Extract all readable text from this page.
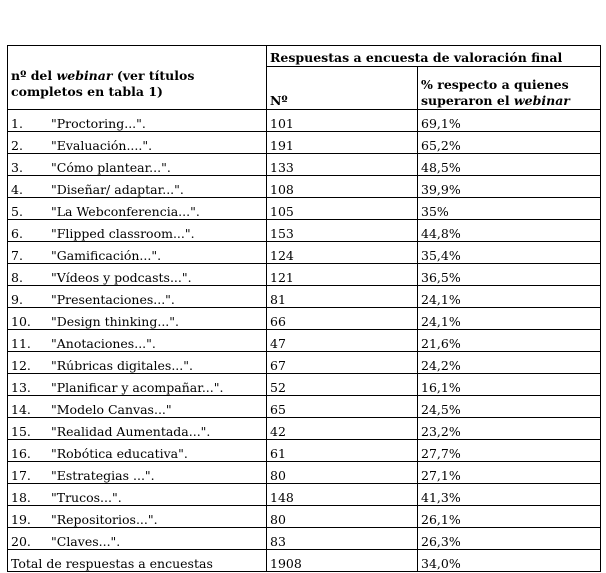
nº del webinar (ver títulos completos en tabla 1)	Respuestas a encuesta de valoración final	
	Nº	% respecto a quienes superaron el webinar
1. "Proctoring...".	101	69,1%
2. "Evaluación....".	191	65,2%
3. "Cómo plantear...".	133	48,5%
4. "Diseñar/ adaptar...".	108	39,9%
5. "La Webconferencia...".	105	35%
6. "Flipped classroom...".	153	44,8%
7. "Gamificación...".	124	35,4%
8. "Vídeos y podcasts...".	121	36,5%
9. "Presentaciones...".	81	24,1%
10. "Design thinking...".	66	24,1%
11. "Anotaciones...".	47	21,6%
12. "Rúbricas digitales...".	67	24,2%
13. "Planificar y acompañar...".	52	16,1%
14. "Modelo Canvas..."	65	24,5%
15. "Realidad Aumentada...".	42	23,2%
16. "Robótica educativa".	61	27,7%
17. "Estrategias ...".	80	27,1%
18. "Trucos...".	148	41,3%
19. "Repositorios...".	80	26,1%
20. "Claves...".	83	26,3%
Total de respuestas a encuestas	1908	34,0%
